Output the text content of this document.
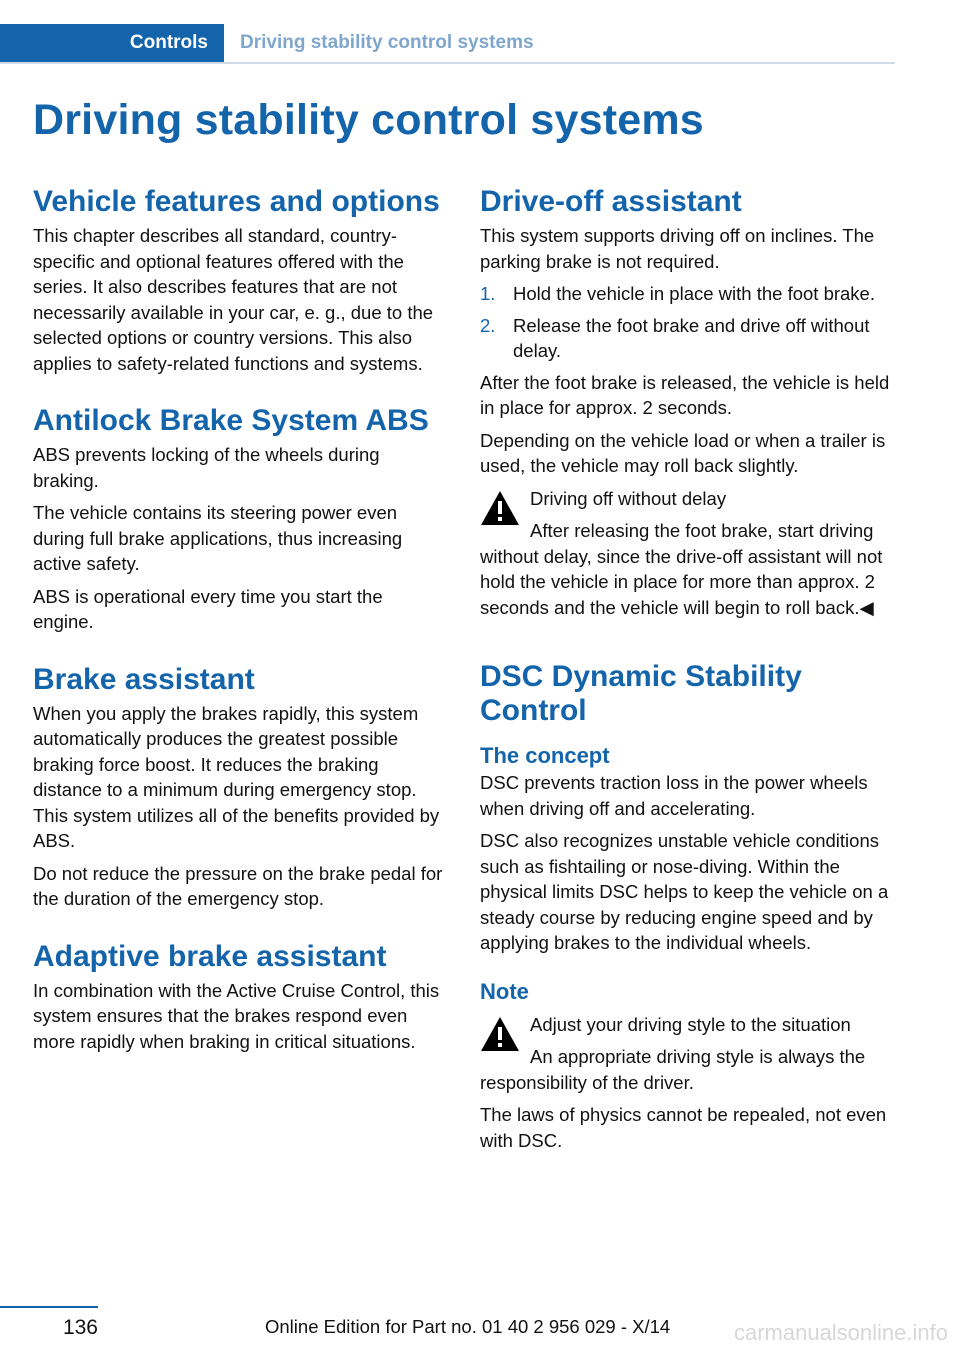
Controls	Driving stability control systems
Driving stability control systems
Vehicle features and options

This chapter describes all standard, country-specific and optional features offered with the series. It also describes features that are not necessarily available in your car, e. g., due to the selected options or country versions. This also applies to safety-related functions and systems.

Antilock Brake System ABS

ABS prevents locking of the wheels during braking.

The vehicle contains its steering power even during full brake applications, thus increasing active safety.

ABS is operational every time you start the engine.

Brake assistant

When you apply the brakes rapidly, this system automatically produces the greatest possible braking force boost. It reduces the braking distance to a minimum during emergency stop. This system utilizes all of the benefits provided by ABS.

Do not reduce the pressure on the brake pedal for the duration of the emergency stop.

Adaptive brake assistant

In combination with the Active Cruise Control, this system ensures that the brakes respond even more rapidly when braking in critical situations.

Drive-off assistant

This system supports driving off on inclines. The parking brake is not required.

1. Hold the vehicle in place with the foot brake.
2. Release the foot brake and drive off without delay.

After the foot brake is released, the vehicle is held in place for approx. 2 seconds.

Depending on the vehicle load or when a trailer is used, the vehicle may roll back slightly.

Driving off without delay
After releasing the foot brake, start driving without delay, since the drive-off assistant will not hold the vehicle in place for more than approx. 2 seconds and the vehicle will begin to roll back.◀
DSC Dynamic Stability Control
The concept

DSC prevents traction loss in the power wheels when driving off and accelerating.

DSC also recognizes unstable vehicle conditions such as fishtailing or nose-diving. Within the physical limits DSC helps to keep the vehicle on a steady course by reducing engine speed and by applying brakes to the individual wheels.

Note
Adjust your driving style to the situation
An appropriate driving style is always the responsibility of the driver.

The laws of physics cannot be repealed, not even with DSC.

136	Online Edition for Part no. 01 40 2 956 029 - X/14	carmanualsonline.info
